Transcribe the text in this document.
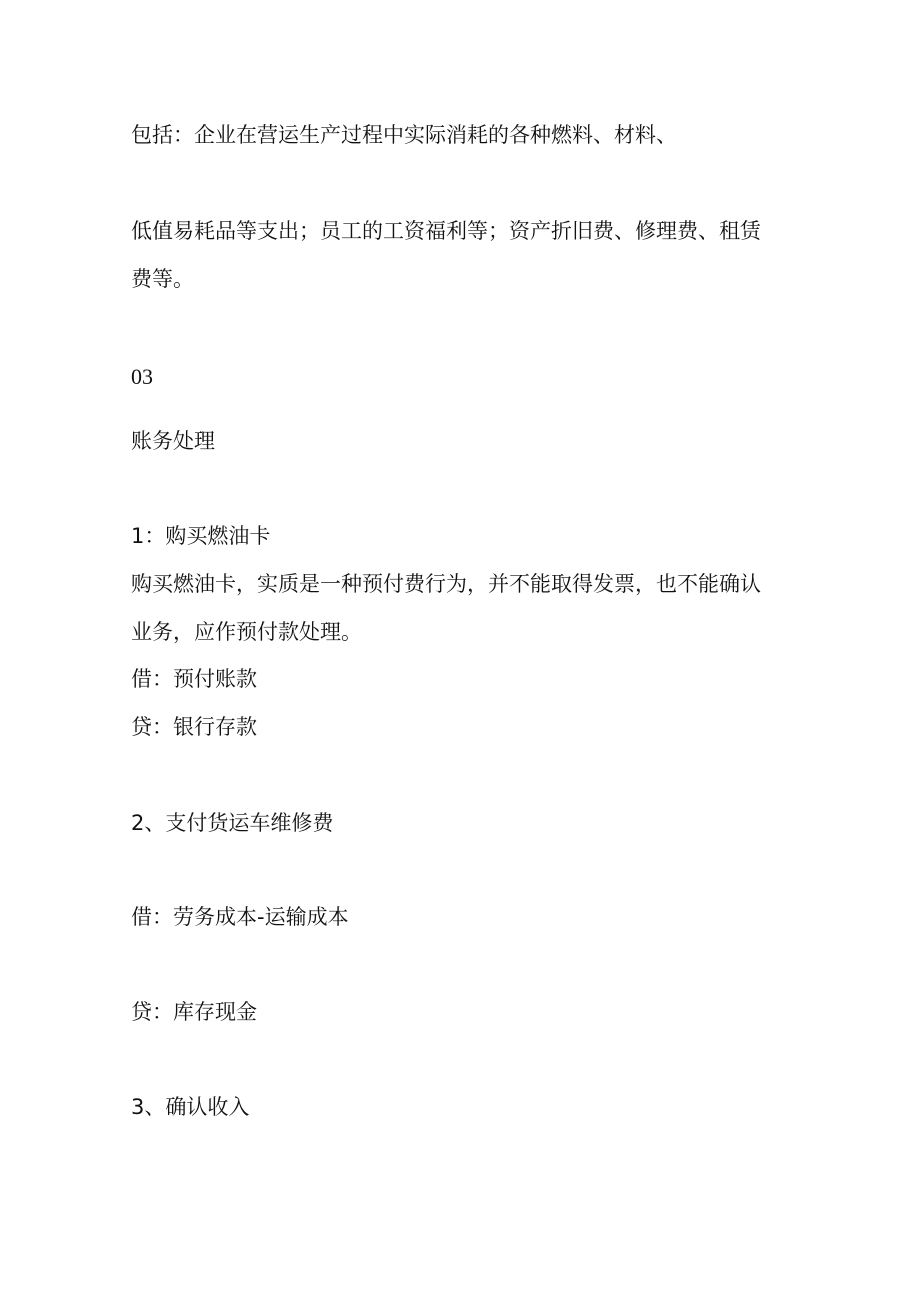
包括：企业在营运生产过程中实际消耗的各种燃料、材料、

低值易耗品等支出；员工的工资福利等；资产折旧费、修理费、租赁

费等。

03

账务处理

1：购买燃油卡

购买燃油卡，实质是一种预付费行为，并不能取得发票，也不能确认

业务，应作预付款处理。

借：预付账款

贷：银行存款

2、支付货运车维修费

借：劳务成本-运输成本

贷：库存现金

3、确认收入
